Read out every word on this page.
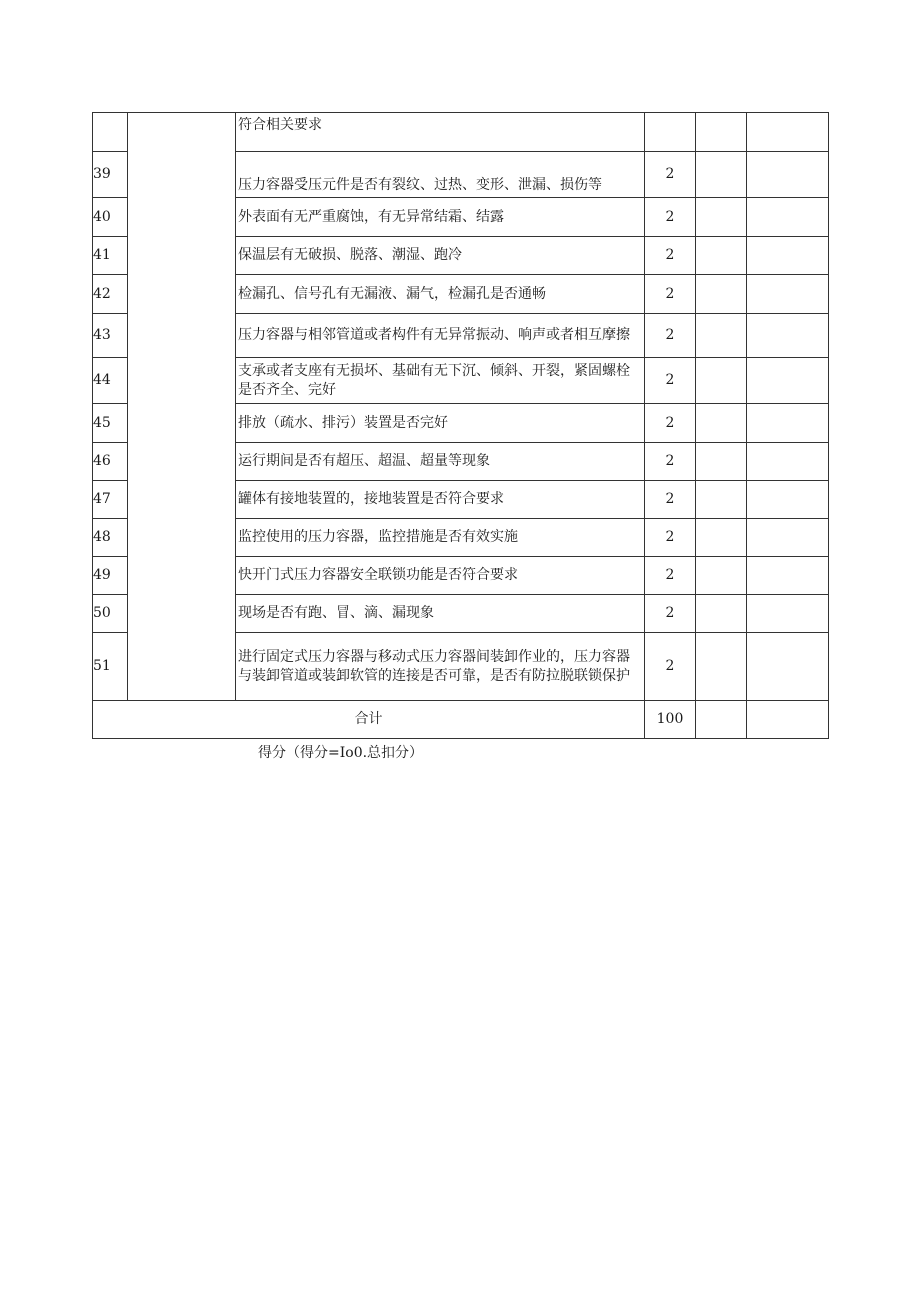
		符合相关要求			
39		压力容器受压元件是否有裂纹、过热、变形、泄漏、损伤等	2		
40		外表面有无严重腐蚀，有无异常结霜、结露	2		
41		保温层有无破损、脱落、潮湿、跑冷	2		
42		检漏孔、信号孔有无漏液、漏气，检漏孔是否通畅	2		
43		压力容器与相邻管道或者构件有无异常振动、响声或者相互摩擦	2		
44		支承或者支座有无损坏、基础有无下沉、倾斜、开裂，紧固螺栓是否齐全、完好	2		
45		排放（疏水、排污）装置是否完好	2		
46		运行期间是否有超压、超温、超量等现象	2		
47		罐体有接地装置的，接地装置是否符合要求	2		
48		监控使用的压力容器，监控措施是否有效实施	2		
49		快开门式压力容器安全联锁功能是否符合要求	2		
50		现场是否有跑、冒、滴、漏现象	2		
51		进行固定式压力容器与移动式压力容器间装卸作业的，压力容器与装卸管道或装卸软管的连接是否可靠，是否有防拉脱联锁保护	2		
合计			100		
得分（得分=Io0.总扣分）
